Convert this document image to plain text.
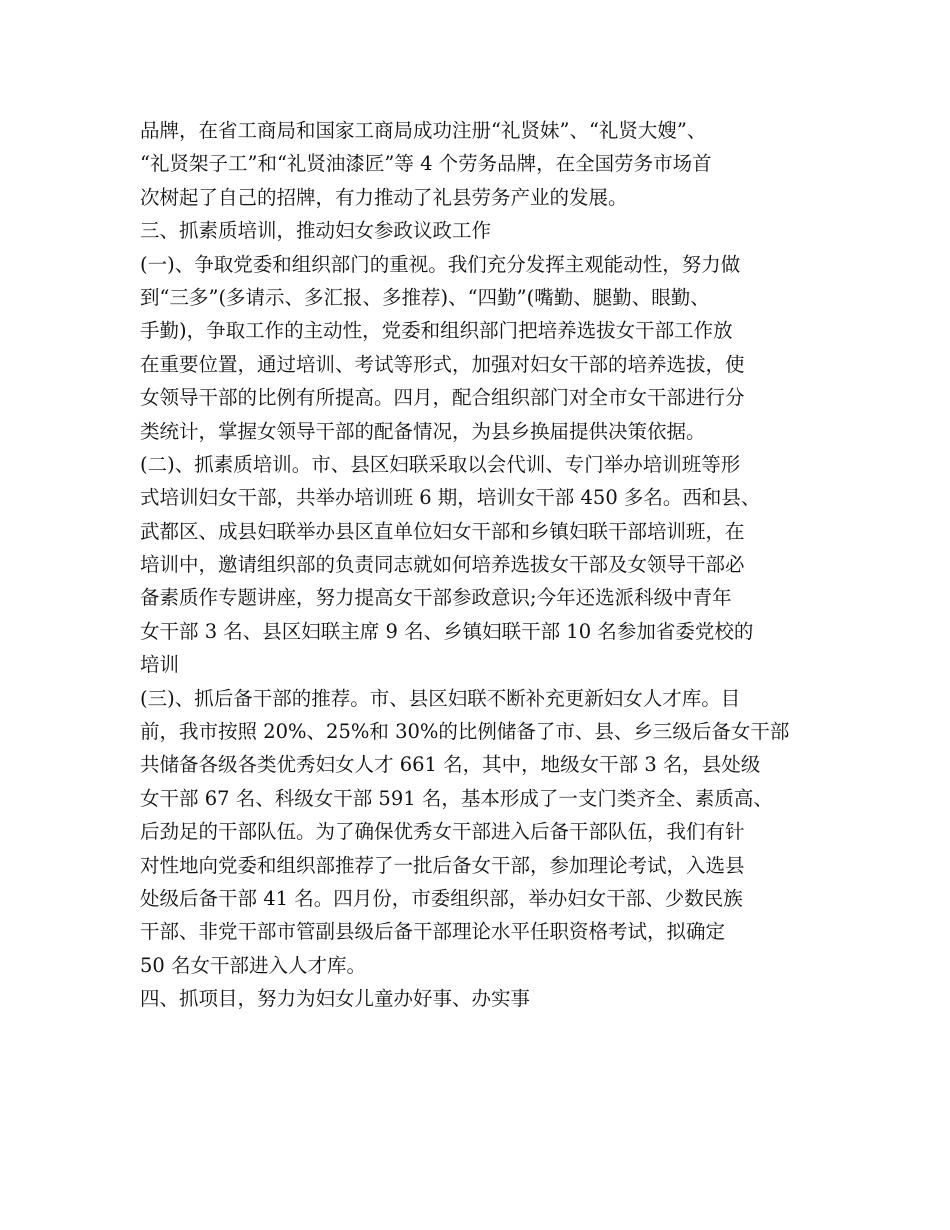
品牌，在省工商局和国家工商局成功注册“礼贤妹”、“礼贤大嫂”、
“礼贤架子工”和“礼贤油漆匠”等 4 个劳务品牌，在全国劳务市场首
次树起了自己的招牌，有力推动了礼县劳务产业的发展。
三、抓素质培训，推动妇女参政议政工作
(一)、争取党委和组织部门的重视。我们充分发挥主观能动性，努力做
到“三多”(多请示、多汇报、多推荐)、“四勤”(嘴勤、腿勤、眼勤、
手勤)，争取工作的主动性，党委和组织部门把培养选拔女干部工作放
在重要位置，通过培训、考试等形式，加强对妇女干部的培养选拔，使
女领导干部的比例有所提高。四月，配合组织部门对全市女干部进行分
类统计，掌握女领导干部的配备情况，为县乡换届提供决策依据。
(二)、抓素质培训。市、县区妇联采取以会代训、专门举办培训班等形
式培训妇女干部，共举办培训班 6 期，培训女干部 450 多名。西和县、
武都区、成县妇联举办县区直单位妇女干部和乡镇妇联干部培训班，在
培训中，邀请组织部的负责同志就如何培养选拔女干部及女领导干部必
备素质作专题讲座，努力提高女干部参政意识;今年还选派科级中青年
女干部 3 名、县区妇联主席 9 名、乡镇妇联干部 10 名参加省委党校的
培训
(三)、抓后备干部的推荐。市、县区妇联不断补充更新妇女人才库。目
前，我市按照 20%、25%和 30%的比例储备了市、县、乡三级后备女干部
共储备各级各类优秀妇女人才 661 名，其中，地级女干部 3 名，县处级
女干部 67 名、科级女干部 591 名，基本形成了一支门类齐全、素质高、
后劲足的干部队伍。为了确保优秀女干部进入后备干部队伍，我们有针
对性地向党委和组织部推荐了一批后备女干部，参加理论考试，入选县
处级后备干部 41 名。四月份，市委组织部，举办妇女干部、少数民族
干部、非党干部市管副县级后备干部理论水平任职资格考试，拟确定
50 名女干部进入人才库。
四、抓项目，努力为妇女儿童办好事、办实事
